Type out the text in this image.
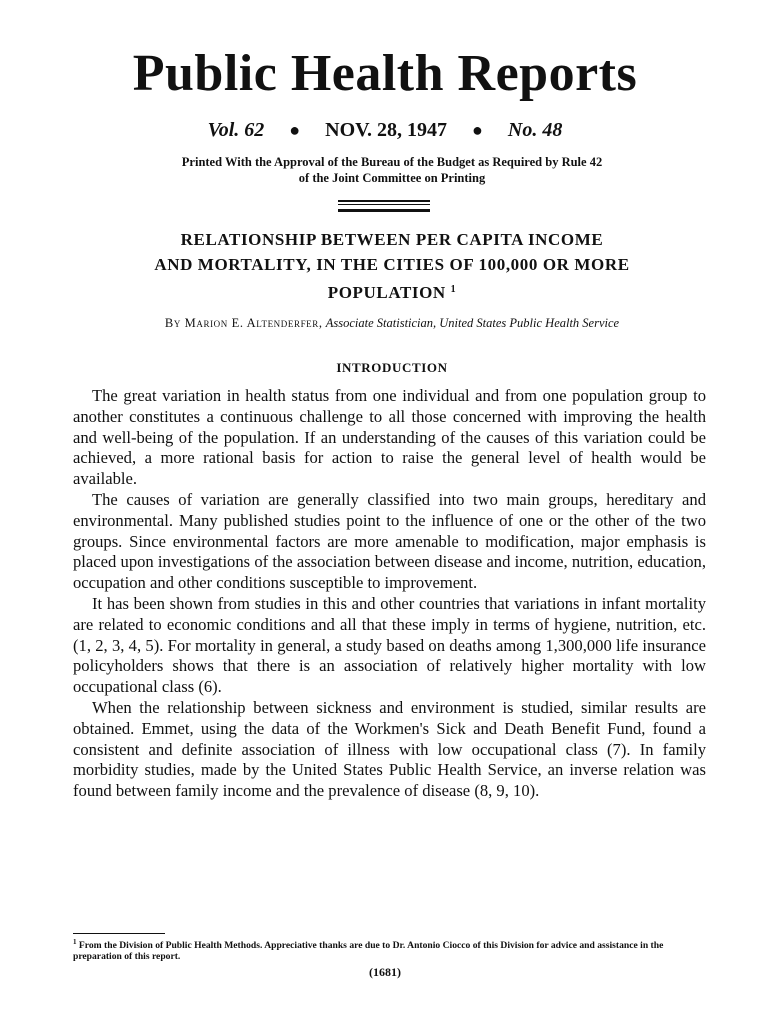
Public Health Reports
Vol. 62 ● NOV. 28, 1947 ● No. 48
Printed With the Approval of the Bureau of the Budget as Required by Rule 42
of the Joint Committee on Printing
RELATIONSHIP BETWEEN PER CAPITA INCOME
AND MORTALITY, IN THE CITIES OF 100,000 OR MORE
POPULATION $^1$
By Marion E. Altenderfer, Associate Statistician, United States Public Health Service
INTRODUCTION

The great variation in health status from one individual and from one population group to another constitutes a continuous challenge to all those concerned with improving the health and well-being of the population. If an understanding of the causes of this variation could be achieved, a more rational basis for action to raise the general level of health would be available.

The causes of variation are generally classified into two main groups, hereditary and environmental. Many published studies point to the influence of one or the other of the two groups. Since environmental factors are more amenable to modification, major emphasis is placed upon investigations of the association between disease and income, nutrition, education, occupation and other conditions susceptible to improvement.

It has been shown from studies in this and other countries that variations in infant mortality are related to economic conditions and all that these imply in terms of hygiene, nutrition, etc. (1, 2, 3, 4, 5). For mortality in general, a study based on deaths among 1,300,000 life insurance policyholders shows that there is an association of relatively higher mortality with low occupational class (6).

When the relationship between sickness and environment is studied, similar results are obtained. Emmet, using the data of the Workmen's Sick and Death Benefit Fund, found a consistent and definite association of illness with low occupational class (7). In family morbidity studies, made by the United States Public Health Service, an inverse relation was found between family income and the prevalence of disease (8, 9, 10).

$^1$ From the Division of Public Health Methods. Appreciative thanks are due to Dr. Antonio Ciocco of this Division for advice and assistance in the preparation of this report.
(1681)
